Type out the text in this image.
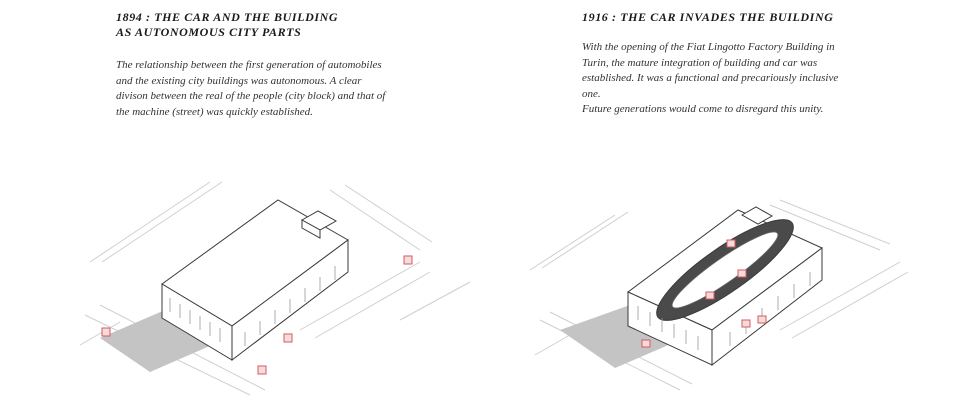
1894 : THE CAR AND THE BUILDING
AS AUTONOMOUS CITY PARTS

The relationship between the first generation of automobiles and the existing city buildings was autonomous. A clear divison between the real of the people (city block) and that of the machine (street) was quickly established.

1916 : THE CAR INVADES THE BUILDING

With the opening of the Fiat Lingotto Factory Building in Turin, the mature integration of building and car was established. It was a functional and precariously inclusive one.
Future generations would come to disregard this unity.
